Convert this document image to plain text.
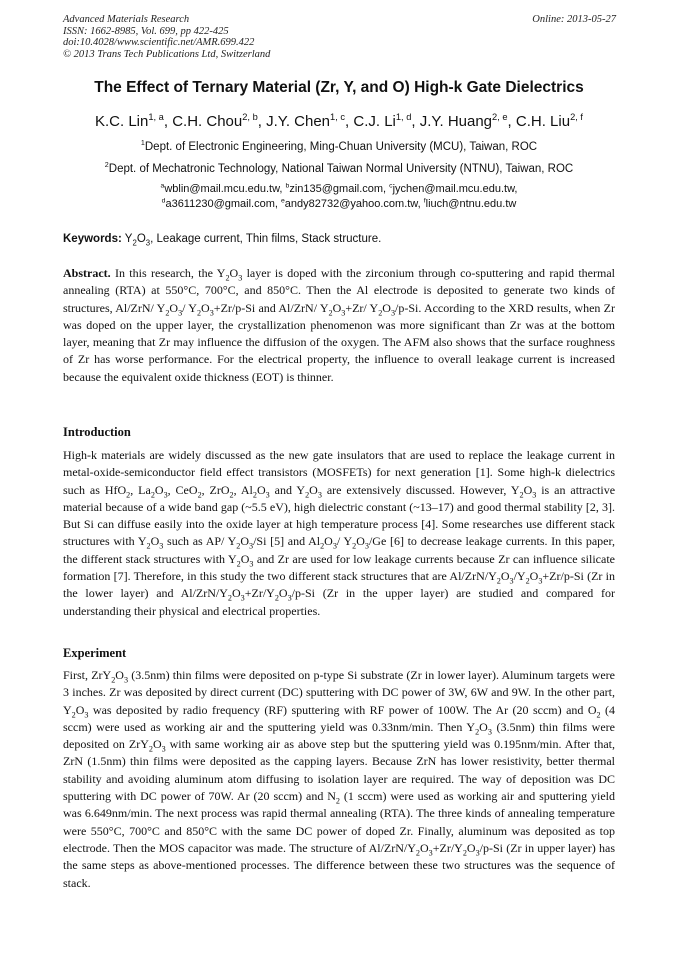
Advanced Materials Research
ISSN: 1662-8985, Vol. 699, pp 422-425
doi:10.4028/www.scientific.net/AMR.699.422
© 2013 Trans Tech Publications Ltd, Switzerland
Online: 2013-05-27
The Effect of Ternary Material (Zr, Y, and O) High-k Gate Dielectrics
K.C. Lin$^{1, a}$, C.H. Chou$^{2, b}$, J.Y. Chen$^{1, c}$, C.J. Li$^{1, d}$, J.Y. Huang$^{2, e}$, C.H. Liu$^{2, f}$
$^1$Dept. of Electronic Engineering, Ming-Chuan University (MCU), Taiwan, ROC
$^2$Dept. of Mechatronic Technology, National Taiwan Normal University (NTNU), Taiwan, ROC
$^a$wblin@mail.mcu.edu.tw, $^b$zin135@gmail.com, $^c$jychen@mail.mcu.edu.tw,
$^d$a3611230@gmail.com, $^e$andy82732@yahoo.com.tw, $^f$liuch@ntnu.edu.tw
Keywords: $Y_2O_3$, Leakage current, Thin films, Stack structure.
Abstract. In this research, the $Y_2O_3$ layer is doped with the zirconium through co-sputtering and rapid thermal annealing (RTA) at 550°C, 700°C, and 850°C. Then the Al electrode is deposited to generate two kinds of structures, Al/ZrN/ $Y_2O_3/$ $Y_2O_3+Zr/p-Si$ and Al/ZrN/ $Y_2O_3+Zr/$ $Y_2O_3/p-Si$. According to the XRD results, when Zr was doped on the upper layer, the crystallization phenomenon was more significant than Zr was at the bottom layer, meaning that Zr may influence the diffusion of the oxygen. The AFM also shows that the surface roughness of Zr has worse performance. For the electrical property, the influence to overall leakage current is increased because the equivalent oxide thickness (EOT) is thinner.
Introduction
High-k materials are widely discussed as the new gate insulators that are used to replace the leakage current in metal-oxide-semiconductor field effect transistors (MOSFETs) for next generation [1]. Some high-k dielectrics such as HfO$_2$, $La_2O_3$, CeO$_2$, ZrO$_2$, $Al_2O_3$ and $Y_2O_3$ are extensively discussed. However, $Y_2O_3$ is an attractive material because of a wide band gap (~5.5 eV), high dielectric constant (~13–17) and good thermal stability [2, 3]. But Si can diffuse easily into the oxide layer at high temperature process [4]. Some researches use different stack structures with $Y_2O_3$ such as AP/ $Y_2O_3/Si$ [5] and $Al_2O_3/$ $Y_2O_3/Ge$ [6] to decrease leakage currents. In this paper, the different stack structures with $Y_2O_3$ and Zr are used for low leakage currents because Zr can influence silicate formation [7]. Therefore, in this study the two different stack structures that are $Al/ZrN/Y_2O_3/Y_2O_3+Zr/p-Si$ (Zr in the lower layer) and $Al/ZrN/Y_2O_3+Zr/Y_2O_3/p-Si$ (Zr in the upper layer) are studied and compared for understanding their physical and electrical properties.
Experiment
First, $ZrY_2O_3$ (3.5nm) thin films were deposited on p-type Si substrate (Zr in lower layer). Aluminum targets were 3 inches. Zr was deposited by direct current (DC) sputtering with DC power of 3W, 6W and 9W. In the other part, $Y_2O_3$ was deposited by radio frequency (RF) sputtering with RF power of 100W. The Ar (20 sccm) and $O_2$ (4 sccm) were used as working air and the sputtering yield was 0.33nm/min. Then $Y_2O_3$ (3.5nm) thin films were deposited on $ZrY_2O_3$ with same working air as above step but the sputtering yield was 0.195nm/min. After that, ZrN (1.5nm) thin films were deposited as the capping layers. Because ZrN has lower resistivity, better thermal stability and avoiding aluminum atom diffusing to isolation layer are required. The way of deposition was DC sputtering with DC power of 70W. Ar (20 sccm) and $N_2$ (1 sccm) were used as working air and sputtering yield was 6.649nm/min. The next process was rapid thermal annealing (RTA). The three kinds of annealing temperature were 550°C, 700°C and 850°C with the same DC power of doped Zr. Finally, aluminum was deposited as top electrode. Then the MOS capacitor was made. The structure of $Al/ZrN/Y_2O_3+Zr/Y_2O_3/p-Si$ (Zr in upper layer) has the same steps as above-mentioned processes. The difference between these two structures was the sequence of stack.
